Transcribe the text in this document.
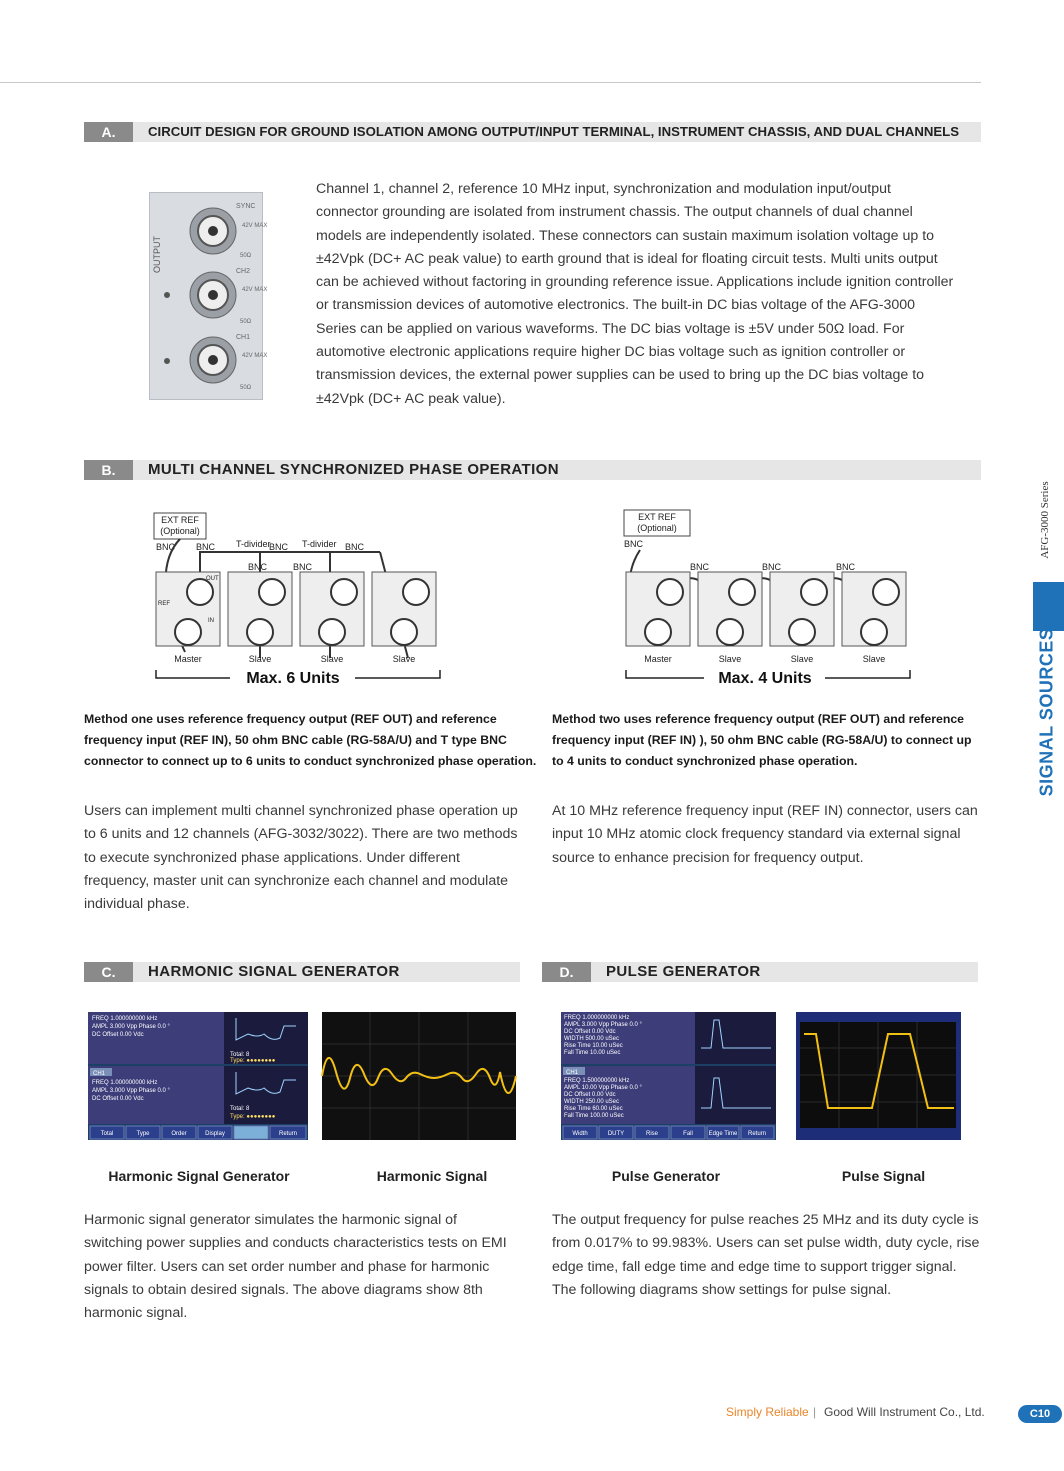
A.	CIRCUIT DESIGN FOR GROUND ISOLATION AMONG OUTPUT/INPUT TERMINAL, INSTRUMENT CHASSIS, AND DUAL CHANNELS
OUTPUT
SYNC
42V MAX
50Ω
CH2
42V MAX
50Ω
CH1
42V MAX
50Ω
Channel 1, channel 2, reference 10 MHz input, synchronization and modulation input/output connector grounding are isolated from instrument chassis. The output channels of dual channel models are independently isolated. These connectors can sustain maximum isolation voltage up to ±42Vpk (DC+ AC peak value) to earth ground that is ideal for floating circuit tests. Multi units output can be achieved without factoring in grounding reference issue. Applications include ignition controller or transmission devices of automotive electronics. The built-in DC bias voltage of the AFG-3000 Series can be applied on various waveforms. The DC bias voltage is ±5V under 50Ω load. For automotive electronic applications require higher DC bias voltage such as ignition controller or transmission devices, the external power supplies can be used to bring up the DC bias voltage to ±42Vpk (DC+ AC peak value).
B.	MULTI CHANNEL SYNCHRONIZED PHASE OPERATION
EXT REF
(Optional)
BNC BNC T-divider
BNC T-divider BNC
BNC	BNC
OUT
REF
IN
Master	Slave	Slave	Slave
Max. 6 Units
EXT REF
(Optional)
BNC
BNC	BNC	BNC
Master	Slave	Slave	Slave
Max. 4 Units
Method one uses reference frequency output (REF OUT) and reference frequency input (REF IN), 50 ohm BNC cable (RG-58A/U) and T type BNC connector to connect up to 6 units to conduct synchronized phase operation.
Method two uses reference frequency output (REF OUT) and reference frequency input (REF IN) ), 50 ohm BNC cable (RG-58A/U) to connect up to 4 units to conduct synchronized phase operation.
Users can implement multi channel synchronized phase operation up to 6 units and 12 channels (AFG-3032/3022). There are two methods to execute synchronized phase applications. Under different frequency, master unit can synchronize each channel and modulate individual phase.
At 10 MHz reference frequency input (REF IN) connector, users can input 10 MHz atomic clock frequency standard via external signal source to enhance precision for frequency output.
C.	HARMONIC SIGNAL GENERATOR
FREQ 1.000000000 kHz
AMPL 3.000 Vpp Phase 0.0 °
DC Offset 0.00 Vdc
CH1
FREQ 1.000000000 kHz
AMPL 3.000 Vpp Phase 0.0 °
DC Offset 0.00 Vdc
Total: 8
Type: ●●●●●●●●
Total: 8
Type: ●●●●●●●●
Total	Type	Order	Display	Return
Harmonic Signal Generator	Harmonic Signal
Harmonic signal generator simulates the harmonic signal of switching power supplies and conducts characteristics tests on EMI power filter. Users can set order number and phase for harmonic signals to obtain desired signals. The above diagrams show 8th harmonic signal.
D.	PULSE GENERATOR
FREQ 1.000000000 kHz
AMPL 3.000 Vpp Phase 0.0 °
DC Offset 0.00 Vdc
WIDTH 500.00 uSec
Rise Time 10.00 uSec
Fall Time 10.00 uSec
CH1
FREQ 1.500000000 kHz
AMPL 10.00 Vpp Phase 0.0 °
DC Offset 0.00 Vdc
WIDTH 250.00 uSec
Rise Time 60.00 uSec
Fall Time 100.00 uSec
Width	DUTY	Rise	Fall	Edge Time Return
Pulse Generator	Pulse Signal
The output frequency for pulse reaches 25 MHz and its duty cycle is from 0.017% to 99.983%. Users can set pulse width, duty cycle, rise edge time, fall edge time and edge time to support trigger signal. The following diagrams show settings for pulse signal.
AFG-3000 Series
SIGNAL SOURCES
Simply Reliable | Good Will Instrument Co., Ltd.	C10
